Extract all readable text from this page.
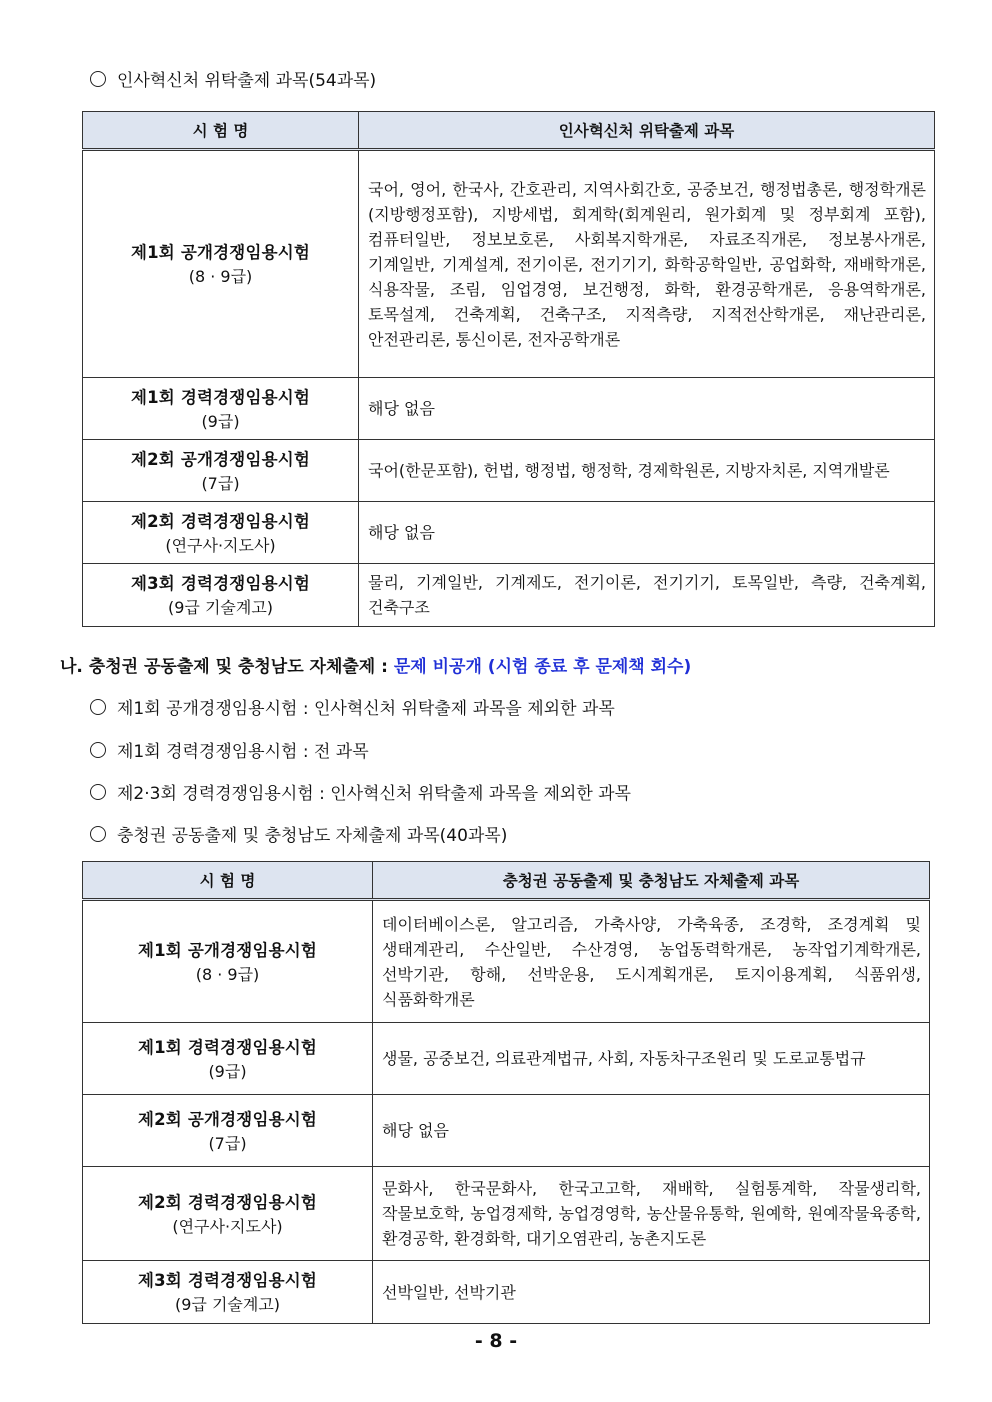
인사혁신처 위탁출제 과목(54과목)
시 험 명	인사혁신처 위탁출제 과목

제1회 공개경쟁임용시험
(8 · 9급)	국어, 영어, 한국사, 간호관리, 지역사회간호, 공중보건, 행정법총론, 행정학개론(지방행정포함), 지방세법, 회계학(회계원리, 원가회계 및 정부회계 포함), 컴퓨터일반, 정보보호론, 사회복지학개론, 자료조직개론, 정보봉사개론, 기계일반, 기계설계, 전기이론, 전기기기, 화학공학일반, 공업화학, 재배학개론, 식용작물, 조림, 임업경영, 보건행정, 화학, 환경공학개론, 응용역학개론, 토목설계, 건축계획, 건축구조, 지적측량, 지적전산학개론, 재난관리론, 안전관리론, 통신이론, 전자공학개론

제1회 경력경쟁임용시험
(9급)	해당 없음

제2회 공개경쟁임용시험
(7급)	국어(한문포함), 헌법, 행정법, 행정학, 경제학원론, 지방자치론, 지역개발론

제2회 경력경쟁임용시험
(연구사·지도사)	해당 없음

제3회 경력경쟁임용시험
(9급 기술계고)	물리, 기계일반, 기계제도, 전기이론, 전기기기, 토목일반, 측량, 건축계획, 건축구조
나. 충청권 공동출제 및 충청남도 자체출제 : 문제 비공개 (시험 종료 후 문제책 회수)
제1회 공개경쟁임용시험 : 인사혁신처 위탁출제 과목을 제외한 과목
제1회 경력경쟁임용시험 : 전 과목
제2·3회 경력경쟁임용시험 : 인사혁신처 위탁출제 과목을 제외한 과목
충청권 공동출제 및 충청남도 자체출제 과목(40과목)
시 험 명	충청권 공동출제 및 충청남도 자체출제 과목

제1회 공개경쟁임용시험
(8 · 9급)	데이터베이스론, 알고리즘, 가축사양, 가축육종, 조경학, 조경계획 및 생태계관리, 수산일반, 수산경영, 농업동력학개론, 농작업기계학개론, 선박기관, 항해, 선박운용, 도시계획개론, 토지이용계획, 식품위생, 식품화학개론

제1회 경력경쟁임용시험
(9급)	생물, 공중보건, 의료관계법규, 사회, 자동차구조원리 및 도로교통법규

제2회 공개경쟁임용시험
(7급)	해당 없음

제2회 경력경쟁임용시험
(연구사·지도사)	문화사, 한국문화사, 한국고고학, 재배학, 실험통계학, 작물생리학, 작물보호학, 농업경제학, 농업경영학, 농산물유통학, 원예학, 원예작물육종학, 환경공학, 환경화학, 대기오염관리, 농촌지도론

제3회 경력경쟁임용시험
(9급 기술계고)	선박일반, 선박기관
- 8 -
